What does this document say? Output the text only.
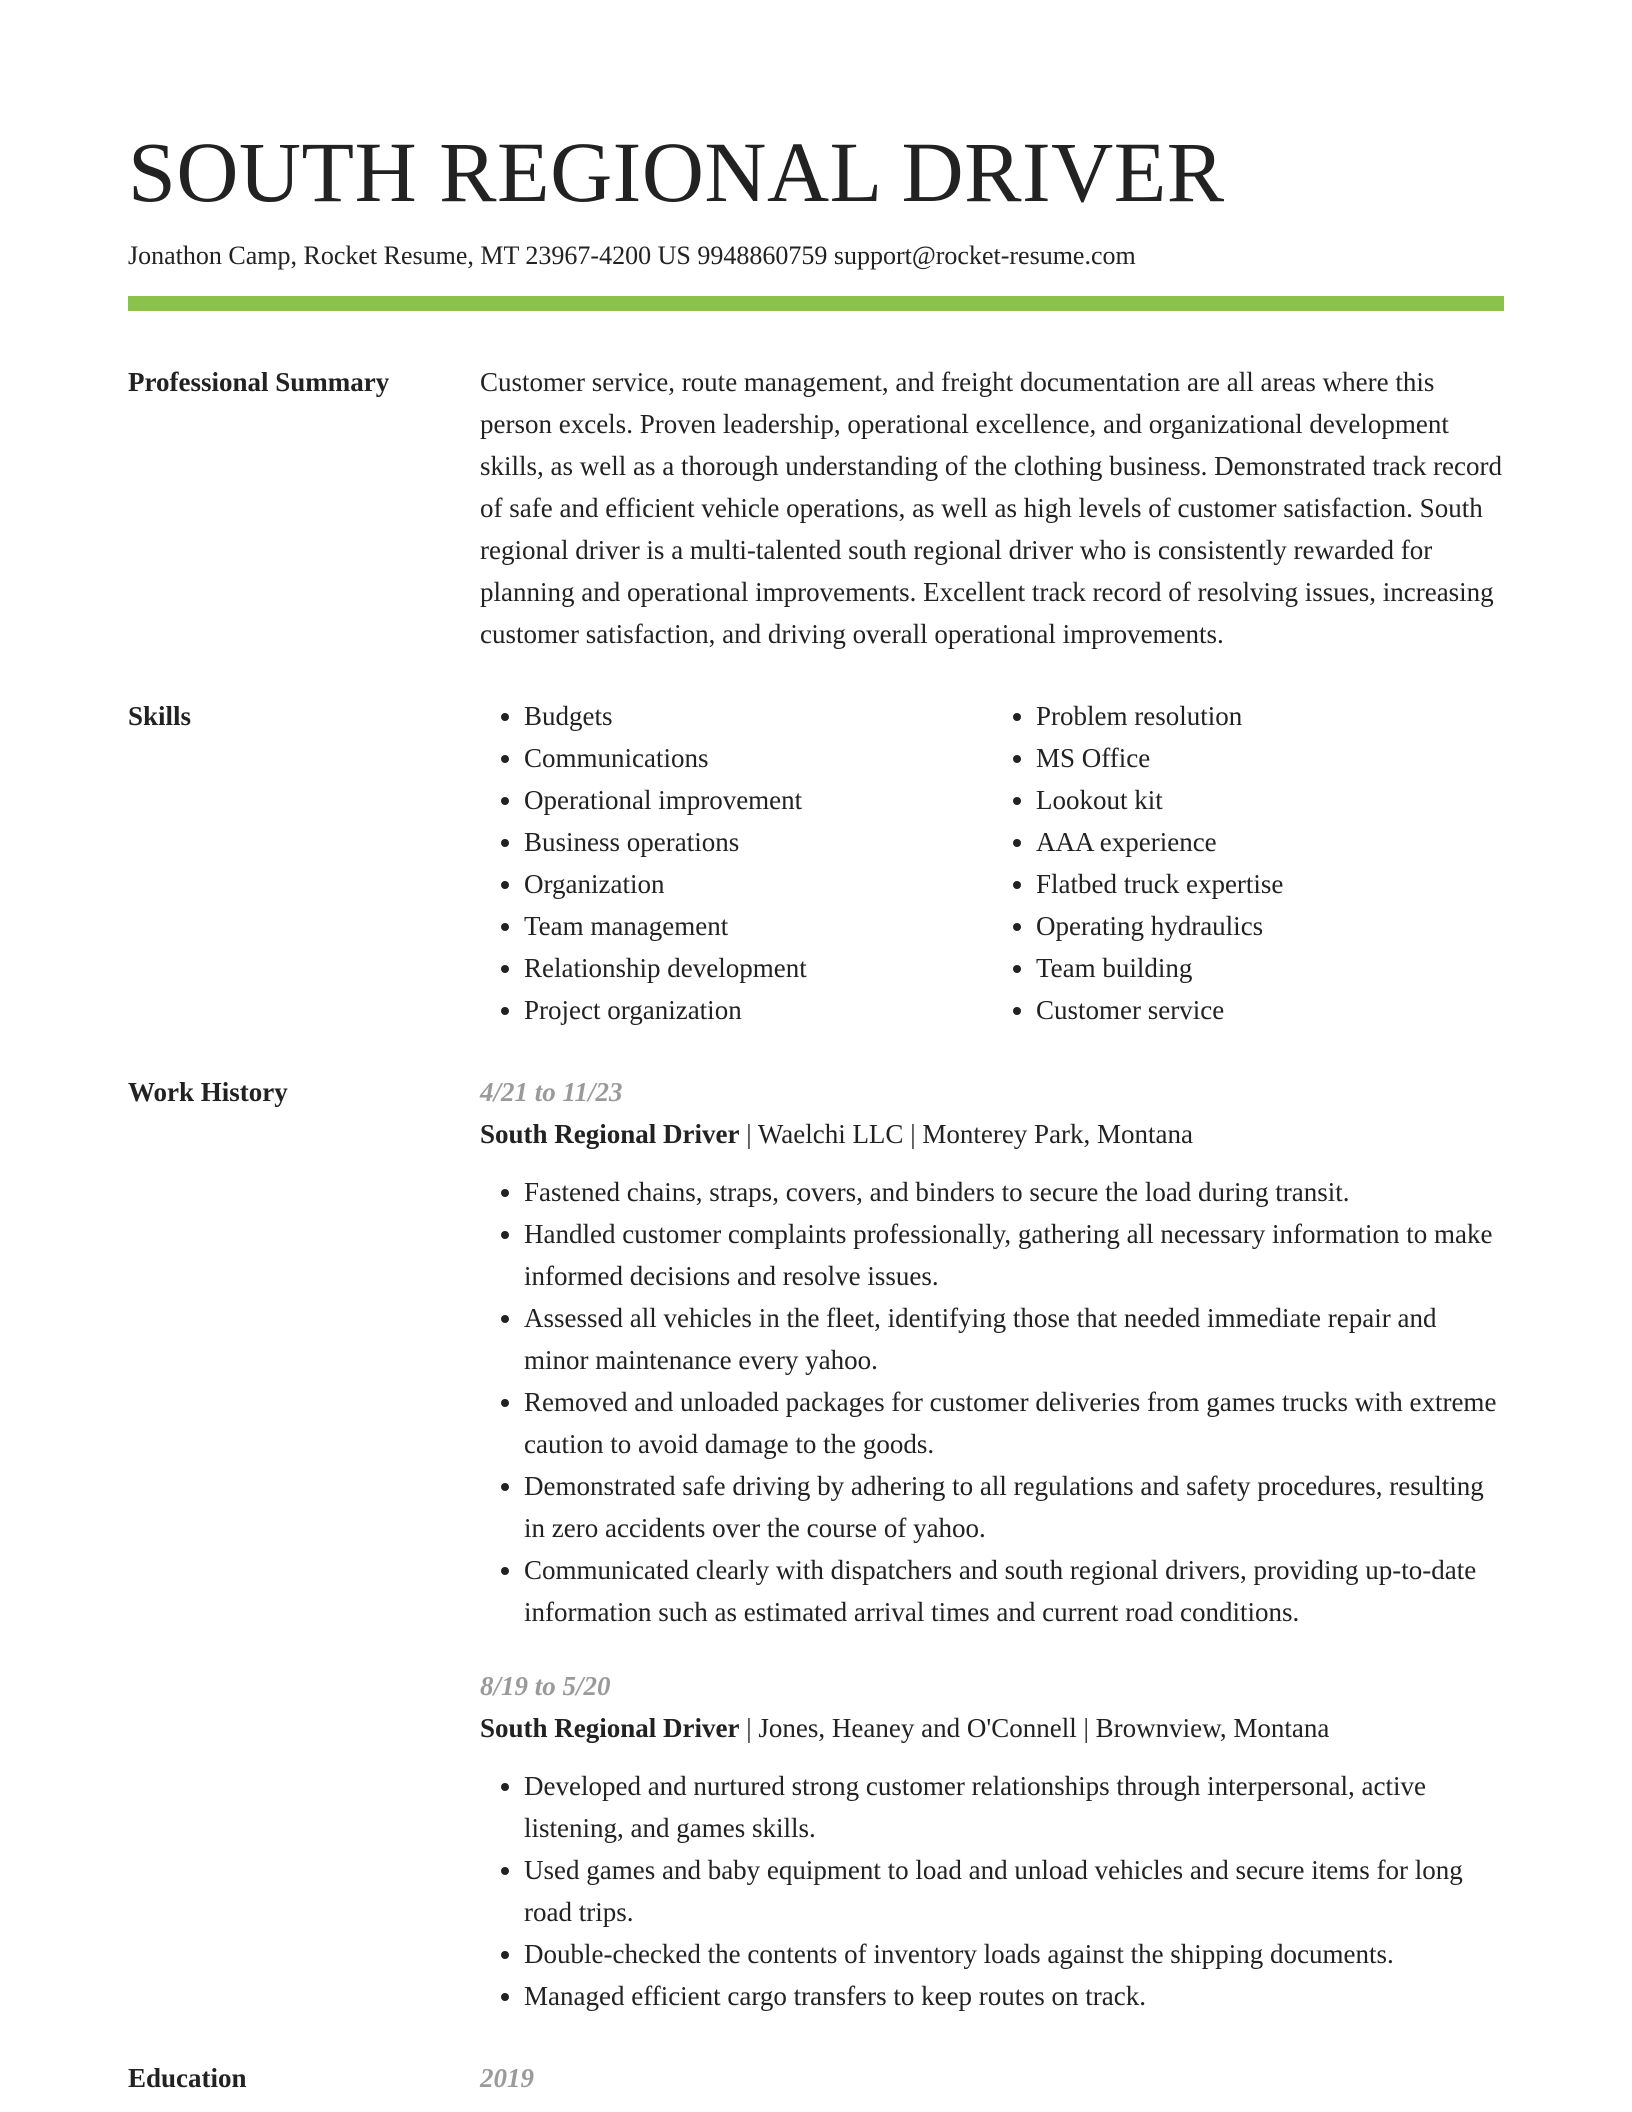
SOUTH REGIONAL DRIVER
Jonathon Camp, Rocket Resume, MT 23967-4200 US 9948860759 support@rocket-resume.com
Professional Summary	Customer service, route management, and freight documentation are all areas where this person excels. Proven leadership, operational excellence, and organizational development skills, as well as a thorough understanding of the clothing business. Demonstrated track record of safe and efficient vehicle operations, as well as high levels of customer satisfaction. South regional driver is a multi-talented south regional driver who is consistently rewarded for planning and operational improvements. Excellent track record of resolving issues, increasing customer satisfaction, and driving overall operational improvements.

Skills
•	Budgets
• Communications
• Operational improvement
• Business operations
• Organization
• Team management
• Relationship development
• Project organization
• Problem resolution
• MS Office
• Lookout kit
• AAA experience
• Flatbed truck expertise
• Operating hydraulics
• Team building
• Customer service
Work History	4/21 to 11/23
South Regional Driver | Waelchi LLC | Monterey Park, Montana
• Fastened chains, straps, covers, and binders to secure the load during transit.
• Handled customer complaints professionally, gathering all necessary information to make informed decisions and resolve issues.
• Assessed all vehicles in the fleet, identifying those that needed immediate repair and minor maintenance every yahoo.
• Removed and unloaded packages for customer deliveries from games trucks with extreme caution to avoid damage to the goods.
• Demonstrated safe driving by adhering to all regulations and safety procedures, resulting in zero accidents over the course of yahoo.
• Communicated clearly with dispatchers and south regional drivers, providing up-to-date information such as estimated arrival times and current road conditions.
8/19 to 5/20
South Regional Driver | Jones, Heaney and O'Connell | Brownview, Montana
• Developed and nurtured strong customer relationships through interpersonal, active listening, and games skills.
• Used games and baby equipment to load and unload vehicles and secure items for long road trips.
• Double-checked the contents of inventory loads against the shipping documents.
• Managed efficient cargo transfers to keep routes on track.
Education	2019
